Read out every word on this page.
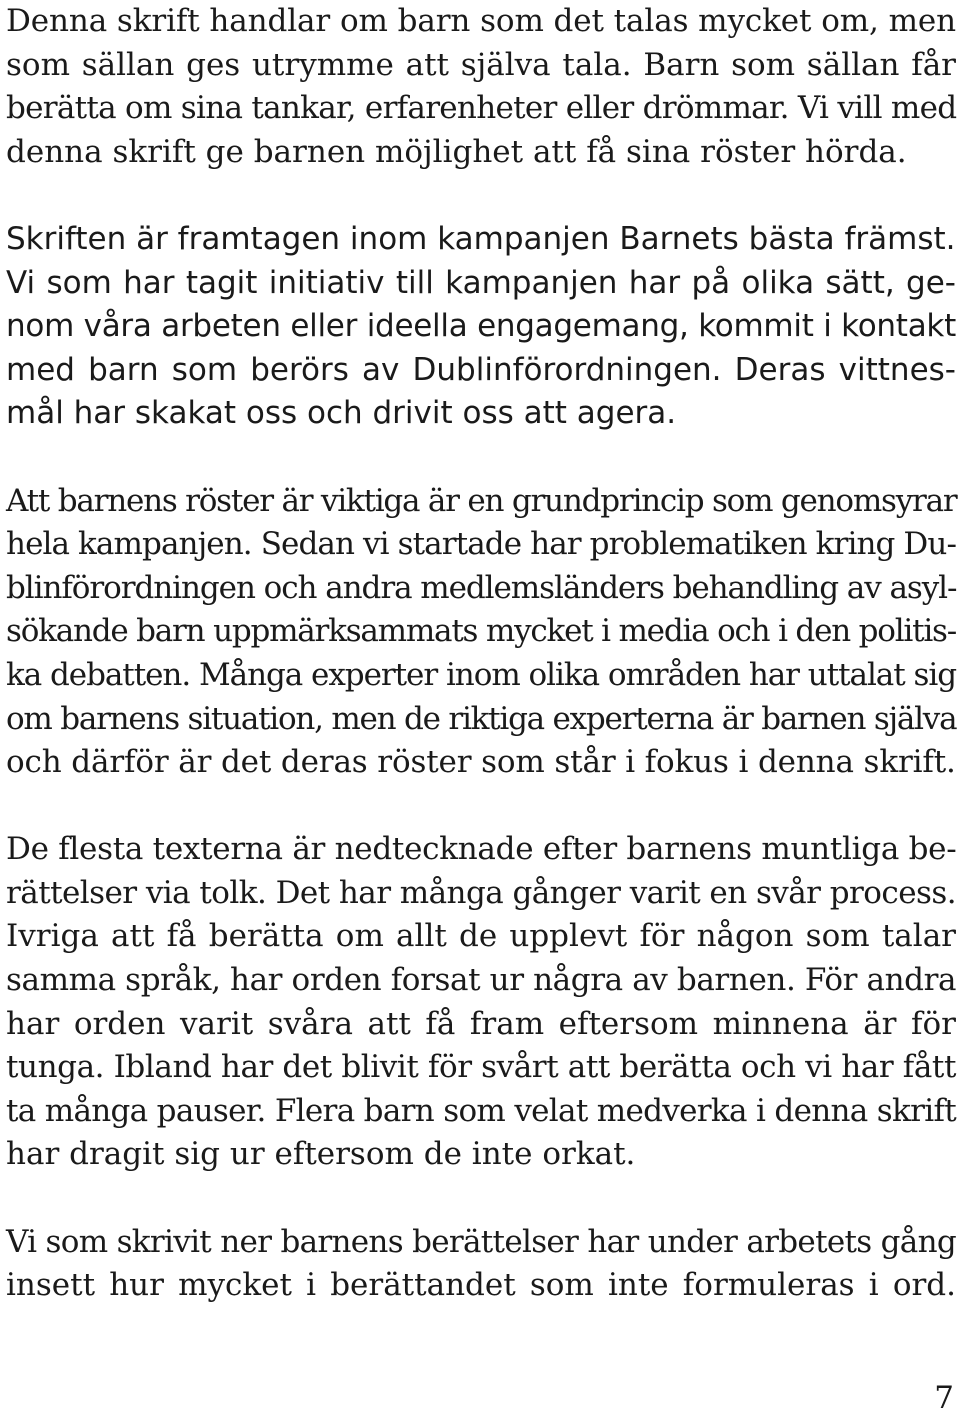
Denna skrift handlar om barn som det talas mycket om, men
som sällan ges utrymme att själva tala. Barn som sällan får
berätta om sina tankar, erfarenheter eller drömmar. Vi vill med
denna skrift ge barnen möjlighet att få sina röster hörda.

Skriften är framtagen inom kampanjen Barnets bästa främst.
Vi som har tagit initiativ till kampanjen har på olika sätt, ge-
nom våra arbeten eller ideella engagemang, kommit i kontakt
med barn som berörs av Dublinförordningen. Deras vittnes-
mål har skakat oss och drivit oss att agera.

Att barnens röster är viktiga är en grundprincip som genomsyrar
hela kampanjen. Sedan vi startade har problematiken kring Du-
blinförordningen och andra medlemsländers behandling av asyl-
sökande barn uppmärksammats mycket i media och i den politis-
ka debatten. Många experter inom olika områden har uttalat sig
om barnens situation, men de riktiga experterna är barnen själva
och därför är det deras röster som står i fokus i denna skrift.

De flesta texterna är nedtecknade efter barnens muntliga be-
rättelser via tolk. Det har många gånger varit en svår process.
Ivriga att få berätta om allt de upplevt för någon som talar
samma språk, har orden forsat ur några av barnen. För andra
har orden varit svåra att få fram eftersom minnena är för
tunga. Ibland har det blivit för svårt att berätta och vi har fått
ta många pauser. Flera barn som velat medverka i denna skrift
har dragit sig ur eftersom de inte orkat.

Vi som skrivit ner barnens berättelser har under arbetets gång
insett hur mycket i berättandet som inte formuleras i ord.

7
